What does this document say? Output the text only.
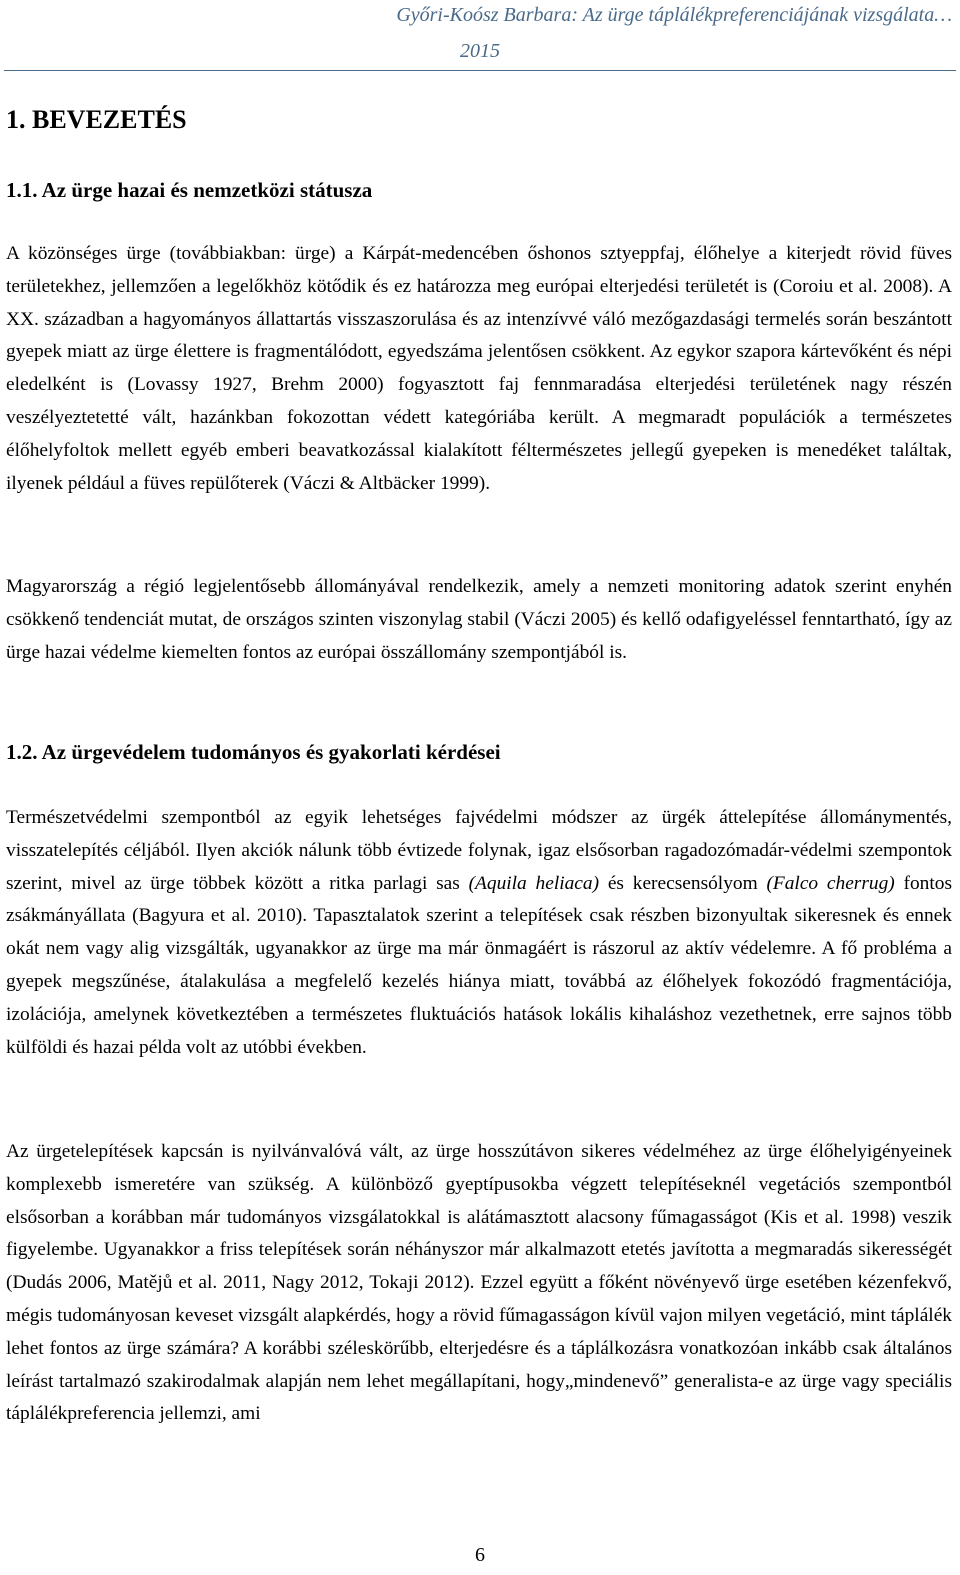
Győri-Koósz Barbara: Az ürge táplálékpreferenciájának vizsgálata…
2015
1. BEVEZETÉS
1.1. Az ürge hazai és nemzetközi státusza

A közönséges ürge (továbbiakban: ürge) a Kárpát-medencében őshonos sztyeppfaj, élőhelye a kiterjedt rövid füves területekhez, jellemzően a legelőkhöz kötődik és ez határozza meg európai elterjedési területét is (Coroiu et al. 2008). A XX. században a hagyományos állattartás visszaszorulása és az intenzívvé váló mezőgazdasági termelés során beszántott gyepek miatt az ürge élettere is fragmentálódott, egyedszáma jelentősen csökkent. Az egykor szapora kártevőként és népi eledelként is (Lovassy 1927, Brehm 2000) fogyasztott faj fennmaradása elterjedési területének nagy részén veszélyeztetetté vált, hazánkban fokozottan védett kategóriába került. A megmaradt populációk a természetes élőhelyfoltok mellett egyéb emberi beavatkozással kialakított féltermészetes jellegű gyepeken is menedéket találtak, ilyenek például a füves repülőterek (Váczi & Altbäcker 1999).

Magyarország a régió legjelentősebb állományával rendelkezik, amely a nemzeti monitoring adatok szerint enyhén csökkenő tendenciát mutat, de országos szinten viszonylag stabil (Váczi 2005) és kellő odafigyeléssel fenntartható, így az ürge hazai védelme kiemelten fontos az európai összállomány szempontjából is.

1.2. Az ürgevédelem tudományos és gyakorlati kérdései

Természetvédelmi szempontból az egyik lehetséges fajvédelmi módszer az ürgék áttelepítése állománymentés, visszatelepítés céljából. Ilyen akciók nálunk több évtizede folynak, igaz elsősorban ragadozómadár-védelmi szempontok szerint, mivel az ürge többek között a ritka parlagi sas (Aquila heliaca) és kerecsensólyom (Falco cherrug) fontos zsákmányállata (Bagyura et al. 2010). Tapasztalatok szerint a telepítések csak részben bizonyultak sikeresnek és ennek okát nem vagy alig vizsgálták, ugyanakkor az ürge ma már önmagáért is rászorul az aktív védelemre. A fő probléma a gyepek megszűnése, átalakulása a megfelelő kezelés hiánya miatt, továbbá az élőhelyek fokozódó fragmentációja, izolációja, amelynek következtében a természetes fluktuációs hatások lokális kihaláshoz vezethetnek, erre sajnos több külföldi és hazai példa volt az utóbbi években.

Az ürgetelepítések kapcsán is nyilvánvalóvá vált, az ürge hosszútávon sikeres védelméhez az ürge élőhelyigényeinek komplexebb ismeretére van szükség. A különböző gyeptípusokba végzett telepítéseknél vegetációs szempontból elsősorban a korábban már tudományos vizsgálatokkal is alátámasztott alacsony fűmagasságot (Kis et al. 1998) veszik figyelembe. Ugyanakkor a friss telepítések során néhányszor már alkalmazott etetés javította a megmaradás sikerességét (Dudás 2006, Matějů et al. 2011, Nagy 2012, Tokaji 2012). Ezzel együtt a főként növényevő ürge esetében kézenfekvő, mégis tudományosan keveset vizsgált alapkérdés, hogy a rövid fűmagasságon kívül vajon milyen vegetáció, mint táplálék lehet fontos az ürge számára? A korábbi széleskörűbb, elterjedésre és a táplálkozásra vonatkozóan inkább csak általános leírást tartalmazó szakirodalmak alapján nem lehet megállapítani, hogy„mindenevő” generalista-e az ürge vagy speciális táplálékpreferencia jellemzi, ami

6
